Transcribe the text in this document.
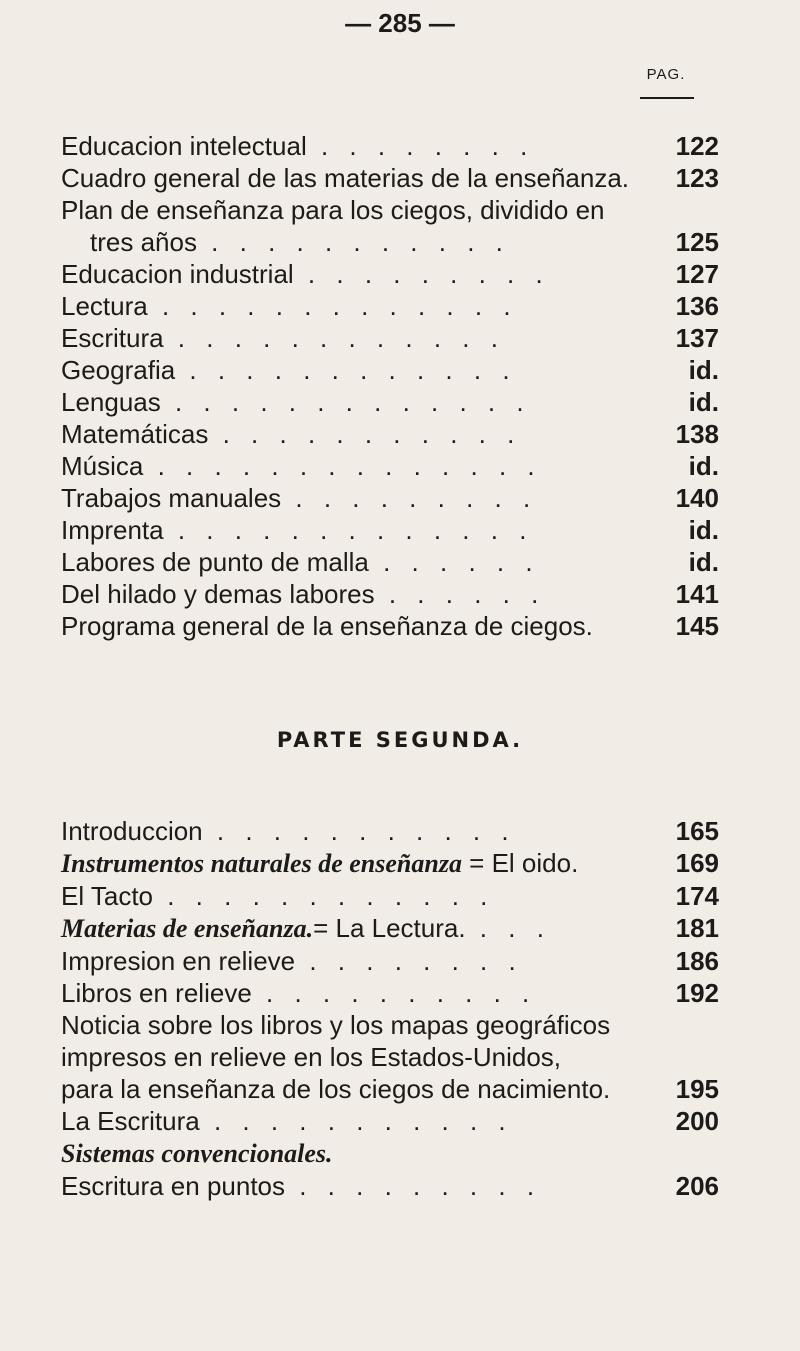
— 285 —
PAG.
Educacion intelectual . . . . . . . .	122
Cuadro general de las materias de la enseñanza. 123
Plan de enseñanza para los ciegos, dividido en
tres años . . . . . . . . . . .	125
Educacion industrial . . . . . . . . .	127
Lectura . . . . . . . . . . . . .	136
Escritura . . . . . . . . . . . .	137
Geografia . . . . . . . . . . . .	id.
Lenguas . . . . . . . . . . . . .	id.
Matemáticas . . . . . . . . . . .	138
Música . . . . . . . . . . . . . .	id.
Trabajos manuales . . . . . . . . .	140
Imprenta . . . . . . . . . . . . .	id.
Labores de punto de malla . . . . . .	id.
Del hilado y demas labores . . . . . .	141
Programa general de la enseñanza de ciegos.	145
PARTE SEGUNDA.
Introduccion . . . . . . . . . . .	165
Instrumentos naturales de enseñanza = El oido.	169
El Tacto . . . . . . . . . . . .	174
Materias de enseñanza.= La Lectura. . . .	181
Impresion en relieve . . . . . . . .	186
Libros en relieve . . . . . . . . . .	192
Noticia sobre los libros y los mapas geográficos
impresos en relieve en los Estados-Unidos,
para la enseñanza de los ciegos de nacimiento.	195
La Escritura . . . . . . . . . . .	200
Sistemas convencionales.
Escritura en puntos . . . . . . . . .	206
